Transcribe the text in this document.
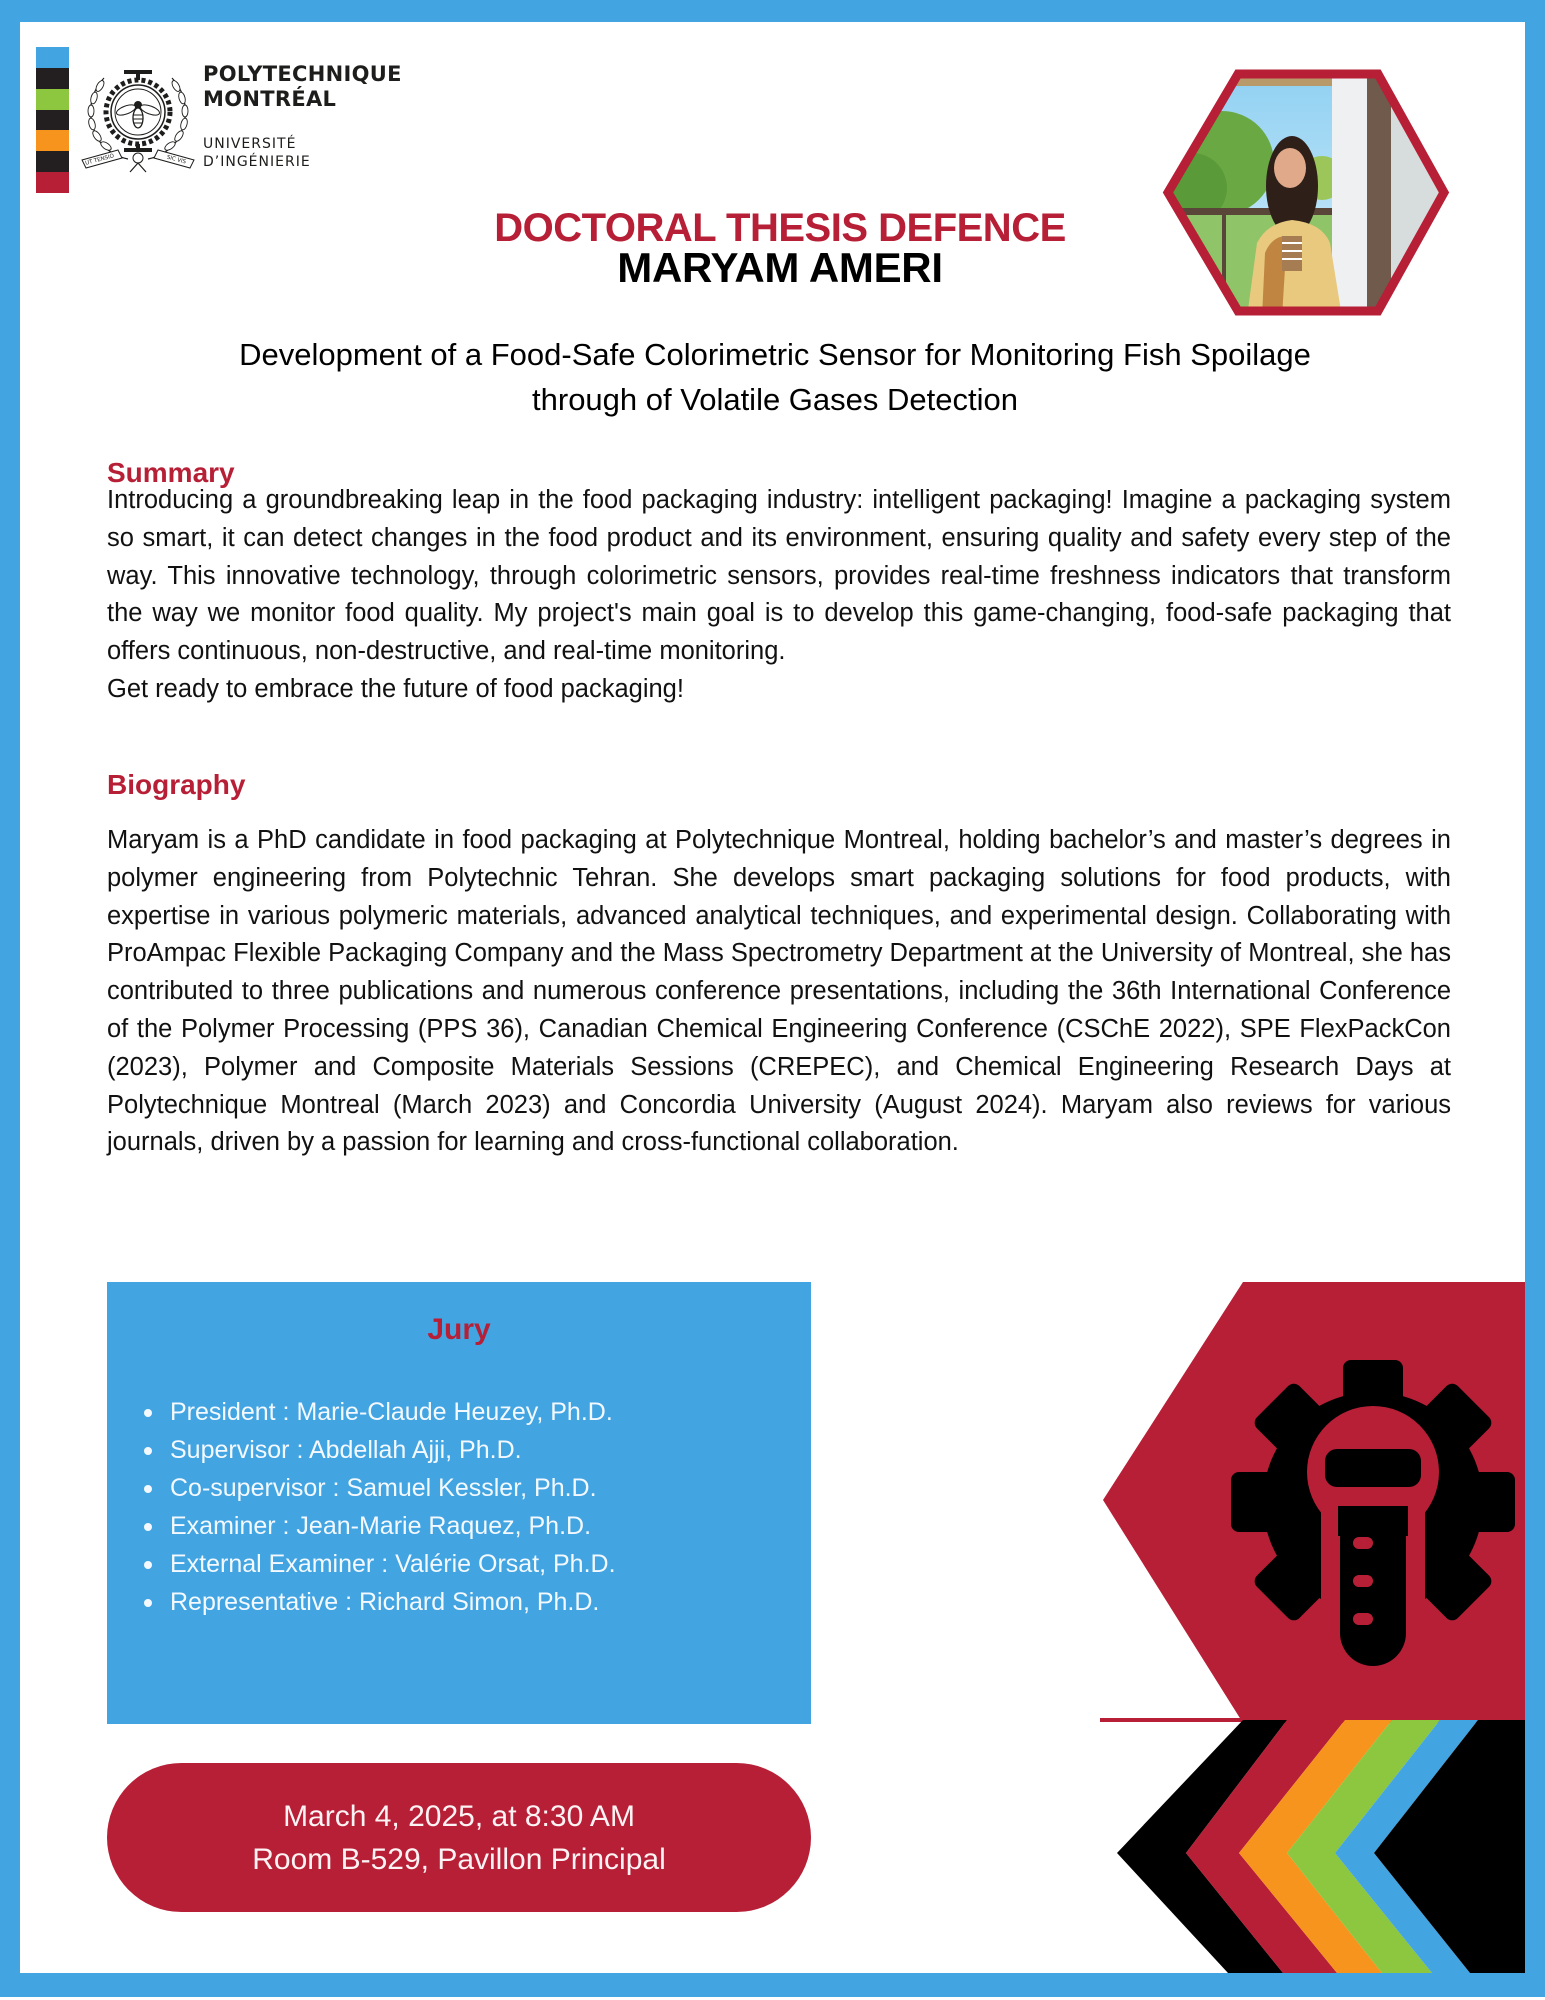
UT TENSIO	SIC VIS
POLYTECHNIQUE
MONTRÉAL
UNIVERSITÉ
D’INGÉNIERIE
DOCTORAL THESIS DEFENCE
MARYAM AMERI
Development of a Food-Safe Colorimetric Sensor for Monitoring Fish Spoilage
through of Volatile Gases Detection
Summary
Introducing a groundbreaking leap in the food packaging industry: intelligent packaging! Imagine a packaging system so smart, it can detect changes in the food product and its environment, ensuring quality and safety every step of the way. This innovative technology, through colorimetric sensors, provides real-time freshness indicators that transform the way we monitor food quality. My project's main goal is to develop this game-changing, food-safe packaging that offers continuous, non-destructive, and real-time monitoring.
Get ready to embrace the future of food packaging!
Biography
Maryam is a PhD candidate in food packaging at Polytechnique Montreal, holding bachelor’s and master’s degrees in polymer engineering from Polytechnic Tehran. She develops smart packaging solutions for food products, with expertise in various polymeric materials, advanced analytical techniques, and experimental design. Collaborating with ProAmpac Flexible Packaging Company and the Mass Spectrometry Department at the University of Montreal, she has contributed to three publications and numerous conference presentations, including the 36th International Conference of the Polymer Processing (PPS 36), Canadian Chemical Engineering Conference (CSChE 2022), SPE FlexPackCon (2023), Polymer and Composite Materials Sessions (CREPEC), and Chemical Engineering Research Days at Polytechnique Montreal (March 2023) and Concordia University (August 2024). Maryam also reviews for various journals, driven by a passion for learning and cross-functional collaboration.
Jury
President : Marie-Claude Heuzey, Ph.D.
Supervisor : Abdellah Ajji, Ph.D.
Co-supervisor : Samuel Kessler, Ph.D.
Examiner : Jean-Marie Raquez, Ph.D.
External Examiner : Valérie Orsat, Ph.D.
Representative : Richard Simon, Ph.D.
March 4, 2025, at 8:30 AM
Room B-529, Pavillon Principal
